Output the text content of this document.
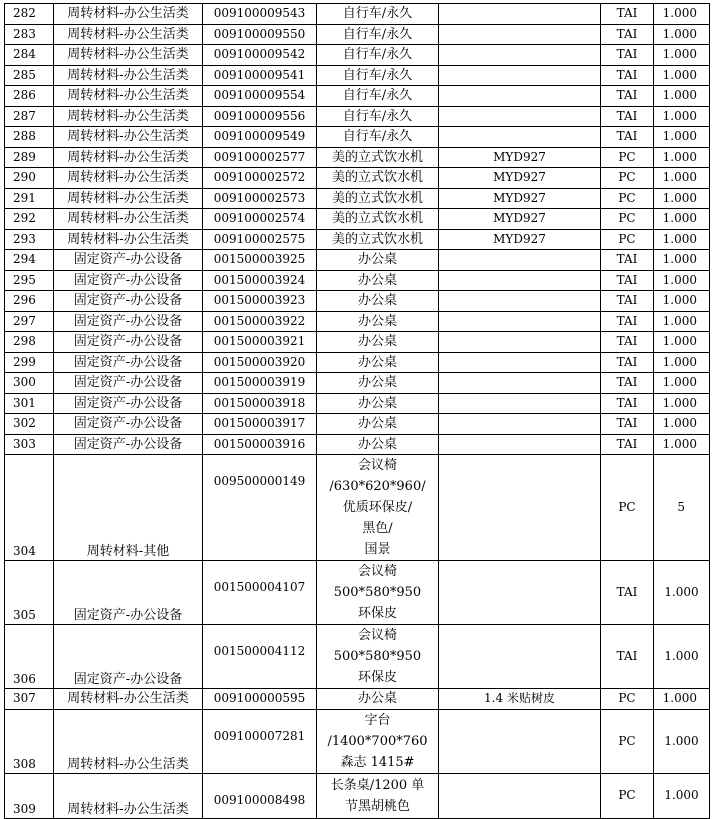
282	周转材料-办公生活类	009100009543	自行车/永久		TAI	1.000
283	周转材料-办公生活类	009100009550	自行车/永久		TAI	1.000
284	周转材料-办公生活类	009100009542	自行车/永久		TAI	1.000
285	周转材料-办公生活类	009100009541	自行车/永久		TAI	1.000
286	周转材料-办公生活类	009100009554	自行车/永久		TAI	1.000
287	周转材料-办公生活类	009100009556	自行车/永久		TAI	1.000
288	周转材料-办公生活类	009100009549	自行车/永久		TAI	1.000
289	周转材料-办公生活类	009100002577	美的立式饮水机	MYD927	PC	1.000
290	周转材料-办公生活类	009100002572	美的立式饮水机	MYD927	PC	1.000
291	周转材料-办公生活类	009100002573	美的立式饮水机	MYD927	PC	1.000
292	周转材料-办公生活类	009100002574	美的立式饮水机	MYD927	PC	1.000
293	周转材料-办公生活类	009100002575	美的立式饮水机	MYD927	PC	1.000
294	固定资产-办公设备	001500003925	办公桌		TAI	1.000
295	固定资产-办公设备	001500003924	办公桌		TAI	1.000
296	固定资产-办公设备	001500003923	办公桌		TAI	1.000
297	固定资产-办公设备	001500003922	办公桌		TAI	1.000
298	固定资产-办公设备	001500003921	办公桌		TAI	1.000
299	固定资产-办公设备	001500003920	办公桌		TAI	1.000
300	固定资产-办公设备	001500003919	办公桌		TAI	1.000
301	固定资产-办公设备	001500003918	办公桌		TAI	1.000
302	固定资产-办公设备	001500003917	办公桌		TAI	1.000
303	固定资产-办公设备	001500003916	办公桌		TAI	1.000
304	周转材料-其他	009500000149	会议椅
/630*620*960/
优质环保皮/
黑色/
国景		PC	5
305	固定资产-办公设备	001500004107	会议椅
500*580*950
环保皮		TAI	1.000
306	固定资产-办公设备	001500004112	会议椅
500*580*950
环保皮		TAI	1.000
307	周转材料-办公生活类	009100000595	办公桌	1.4 米贴树皮	PC	1.000
308	周转材料-办公生活类	009100007281	字台
/1400*700*760
森志 1415#		PC	1.000
309	周转材料-办公生活类	009100008498	长条桌/1200 单
节黑胡桃色		PC	1.000
